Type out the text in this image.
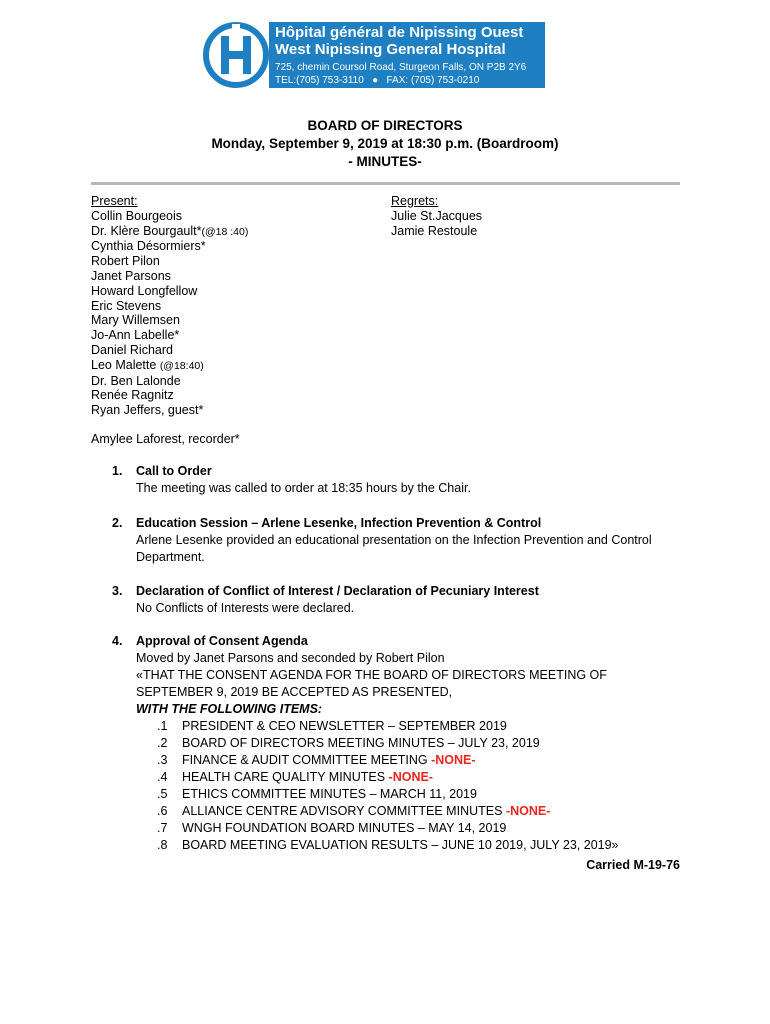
Hôpital général de Nipissing Ouest
West Nipissing General Hospital
725, chemin Coursol Road, Sturgeon Falls, ON P2B 2Y6
TEL:(705) 753-3110 ● FAX: (705) 753-0210
BOARD OF DIRECTORS
Monday, September 9, 2019 at 18:30 p.m. (Boardroom)
- MINUTES-
Present:
Collin Bourgeois
Dr. Klère Bourgault*(@18 :40)
Cynthia Désormiers*
Robert Pilon
Janet Parsons
Howard Longfellow
Eric Stevens
Mary Willemsen
Jo-Ann Labelle*
Daniel Richard
Leo Malette (@18:40)
Dr. Ben Lalonde
Renée Ragnitz
Ryan Jeffers, guest*
Regrets:
Julie St.Jacques
Jamie Restoule
Amylee Laforest, recorder*
1. Call to Order
The meeting was called to order at 18:35 hours by the Chair.
2. Education Session – Arlene Lesenke, Infection Prevention & Control
Arlene Lesenke provided an educational presentation on the Infection Prevention and Control Department.
3. Declaration of Conflict of Interest / Declaration of Pecuniary Interest
No Conflicts of Interests were declared.
4. Approval of Consent Agenda
Moved by Janet Parsons and seconded by Robert Pilon
«THAT THE CONSENT AGENDA FOR THE BOARD OF DIRECTORS MEETING OF
SEPTEMBER 9, 2019 BE ACCEPTED AS PRESENTED,
WITH THE FOLLOWING ITEMS:
.1 PRESIDENT & CEO NEWSLETTER – SEPTEMBER 2019
.2 BOARD OF DIRECTORS MEETING MINUTES – JULY 23, 2019
.3 FINANCE & AUDIT COMMITTEE MEETING -NONE-
.4 HEALTH CARE QUALITY MINUTES -NONE-
.5 ETHICS COMMITTEE MINUTES – MARCH 11, 2019
.6 ALLIANCE CENTRE ADVISORY COMMITTEE MINUTES -NONE-
.7 WNGH FOUNDATION BOARD MINUTES – MAY 14, 2019
.8 BOARD MEETING EVALUATION RESULTS – JUNE 10 2019, JULY 23, 2019»
Carried M-19-76
